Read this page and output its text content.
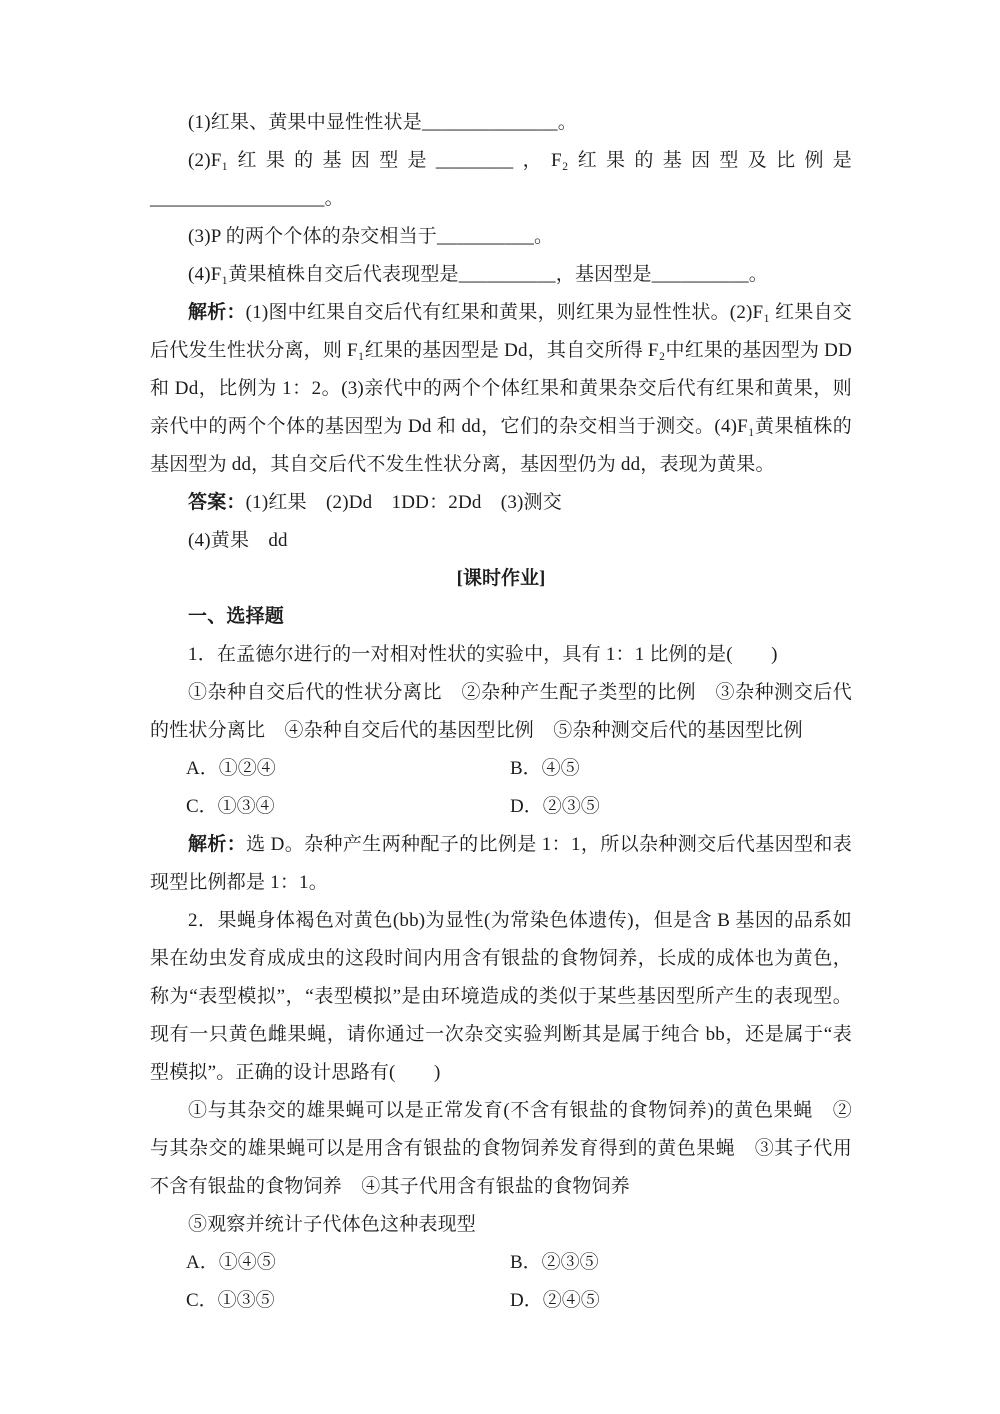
(1)红果、黄果中显性性状是______________。

(2)F₁红果的基因型是________，F₂红果的基因型及比例是__________________。

(3)P 的两个个体的杂交相当于__________。

(4)F₁黄果植株自交后代表现型是__________，基因型是__________。

解析：(1)图中红果自交后代有红果和黄果，则红果为显性性状。(2)F₁ 红果自交后代发生性状分离，则 F₁红果的基因型是 Dd，其自交所得 F₂中红果的基因型为 DD 和 Dd，比例为 1：2。(3)亲代中的两个个体红果和黄果杂交后代有红果和黄果，则亲代中的两个个体的基因型为 Dd 和 dd，它们的杂交相当于测交。(4)F₁黄果植株的基因型为 dd，其自交后代不发生性状分离，基因型仍为 dd，表现为黄果。

答案：(1)红果　(2)Dd　1DD：2Dd　(3)测交

(4)黄果　dd

[课时作业]

一、选择题

1．在孟德尔进行的一对相对性状的实验中，具有 1：1 比例的是(　　)

①杂种自交后代的性状分离比　②杂种产生配子类型的比例　③杂种测交后代的性状分离比　④杂种自交后代的基因型比例　⑤杂种测交后代的基因型比例

A．①②④	B．④⑤
C．①③④	D．②③⑤

解析：选 D。杂种产生两种配子的比例是 1：1，所以杂种测交后代基因型和表现型比例都是 1：1。

2．果蝇身体褐色对黄色(bb)为显性(为常染色体遗传)，但是含 B 基因的品系如果在幼虫发育成成虫的这段时间内用含有银盐的食物饲养，长成的成体也为黄色，称为“表型模拟”，“表型模拟”是由环境造成的类似于某些基因型所产生的表现型。现有一只黄色雌果蝇，请你通过一次杂交实验判断其是属于纯合 bb，还是属于“表型模拟”。正确的设计思路有(　　)

①与其杂交的雄果蝇可以是正常发育(不含有银盐的食物饲养)的黄色果蝇　②与其杂交的雄果蝇可以是用含有银盐的食物饲养发育得到的黄色果蝇　③其子代用不含有银盐的食物饲养　④其子代用含有银盐的食物饲养

⑤观察并统计子代体色这种表现型

A．①④⑤	B．②③⑤
C．①③⑤	D．②④⑤
